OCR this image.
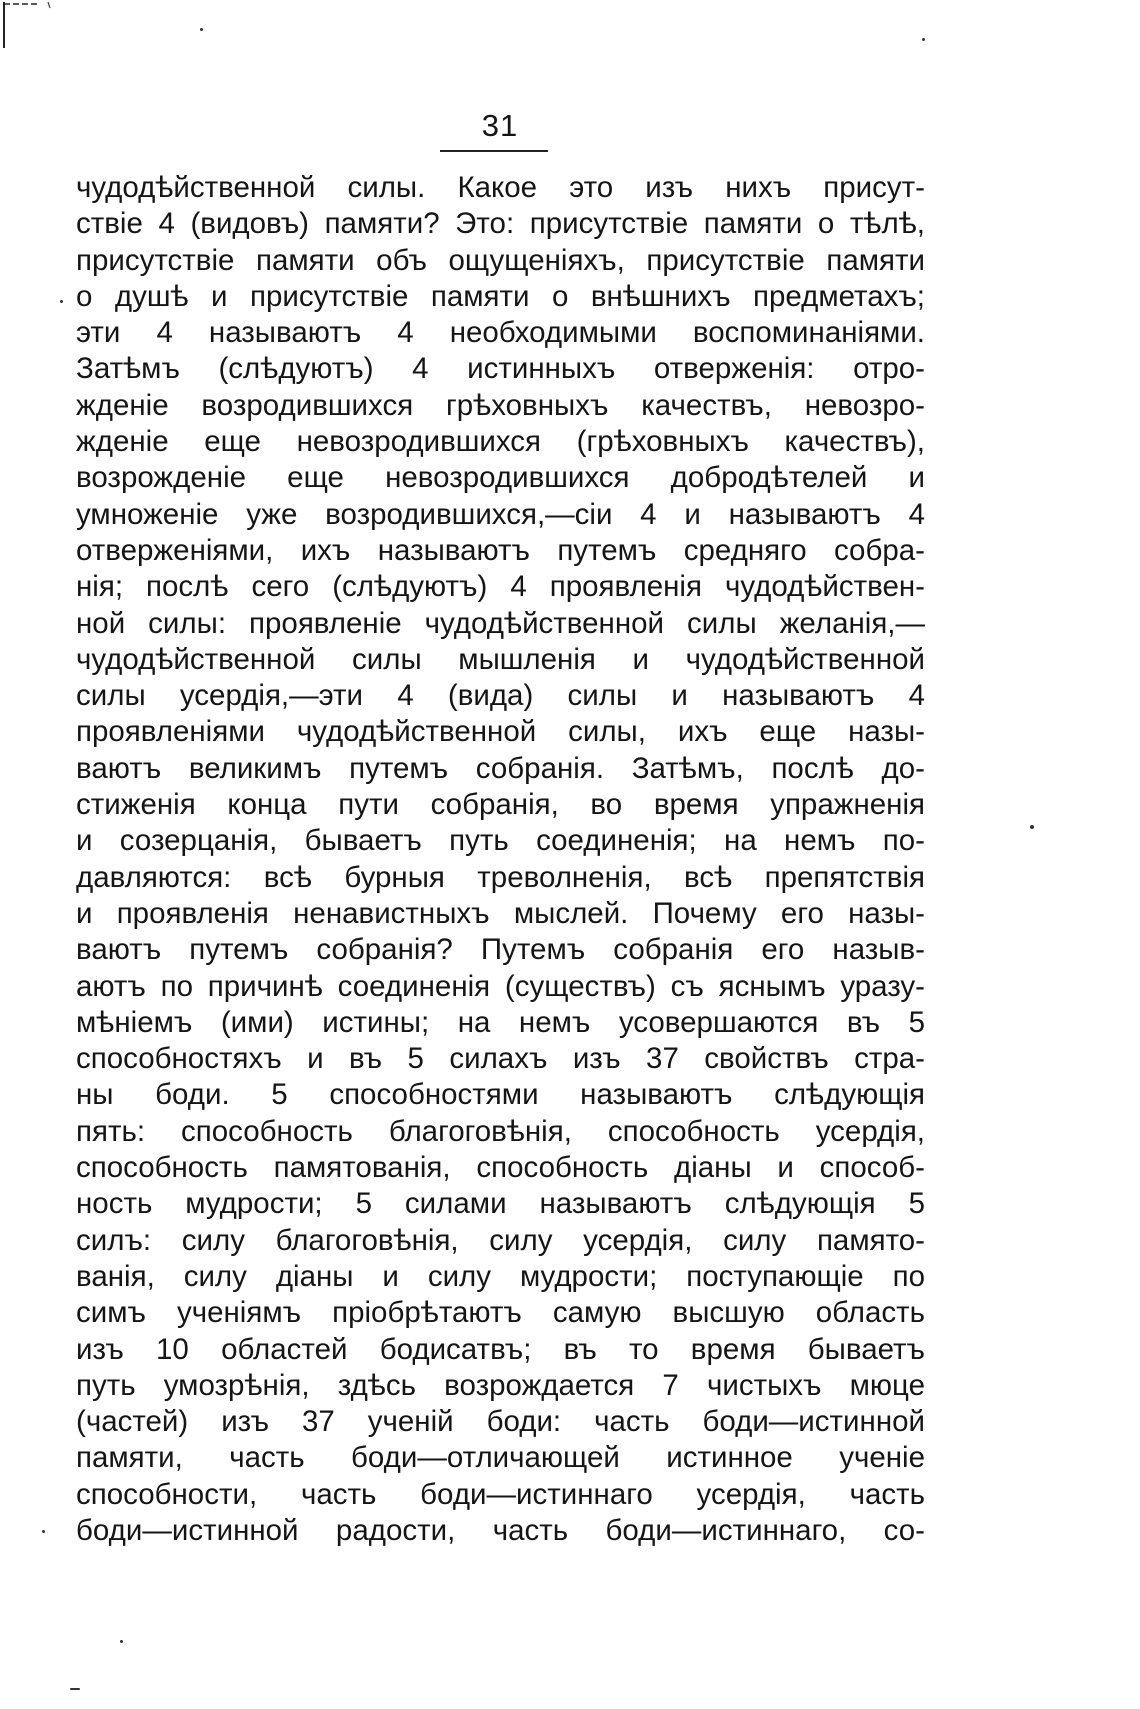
31
чудодѣйственной силы. Какое это изъ нихъ присут-
ствіе 4 (видовъ) памяти? Это: присутствіе памяти о тѣлѣ,
присутствіе памяти объ ощущеніяхъ, присутствіе памяти
о душѣ и присутствіе памяти о внѣшнихъ предметахъ;
эти 4 называютъ 4 необходимыми воспоминаніями.
Затѣмъ (слѣдуютъ) 4 истинныхъ отверженія: отро-
жденіе возродившихся грѣховныхъ качествъ, невозро-
жденіе еще невозродившихся (грѣховныхъ качествъ),
возрожденіе еще невозродившихся добродѣтелей и
умноженіе уже возродившихся,—сіи 4 и называютъ 4
отверженіями, ихъ называютъ путемъ средняго собра-
нія; послѣ сего (слѣдуютъ) 4 проявленія чудодѣйствен-
ной силы: проявленіе чудодѣйственной силы желанія,—
чудодѣйственной силы мышленія и чудодѣйственной
силы усердія,—эти 4 (вида) силы и называютъ 4
проявленіями чудодѣйственной силы, ихъ еще назы-
ваютъ великимъ путемъ собранія. Затѣмъ, послѣ до-
стиженія конца пути собранія, во время упражненія
и созерцанія, бываетъ путь соединенія; на немъ по-
давляются: всѣ бурныя треволненія, всѣ препятствія
и проявленія ненавистныхъ мыслей. Почему его назы-
ваютъ путемъ собранія? Путемъ собранія его назыв-
аютъ по причинѣ соединенія (существъ) съ яснымъ уразу-
мѣніемъ (ими) истины; на немъ усовершаются въ 5
способностяхъ и въ 5 силахъ изъ 37 свойствъ стра-
ны боди. 5 способностями называютъ слѣдующія
пять: способность благоговѣнія, способность усердія,
способность памятованія, способность діаны и способ-
ность мудрости; 5 силами называютъ слѣдующія 5
силъ: силу благоговѣнія, силу усердія, силу памято-
ванія, силу діаны и силу мудрости; поступающіе по
симъ ученіямъ пріобрѣтаютъ самую высшую область
изъ 10 областей бодисатвъ; въ то время бываетъ
путь умозрѣнія, здѣсь возрождается 7 чистыхъ мюце
(частей) изъ 37 ученій боди: часть боди—истинной
памяти, часть боди—отличающей истинное ученіе
способности, часть боди—истиннаго усердія, часть
боди—истинной радости, часть боди—истиннаго, со-
